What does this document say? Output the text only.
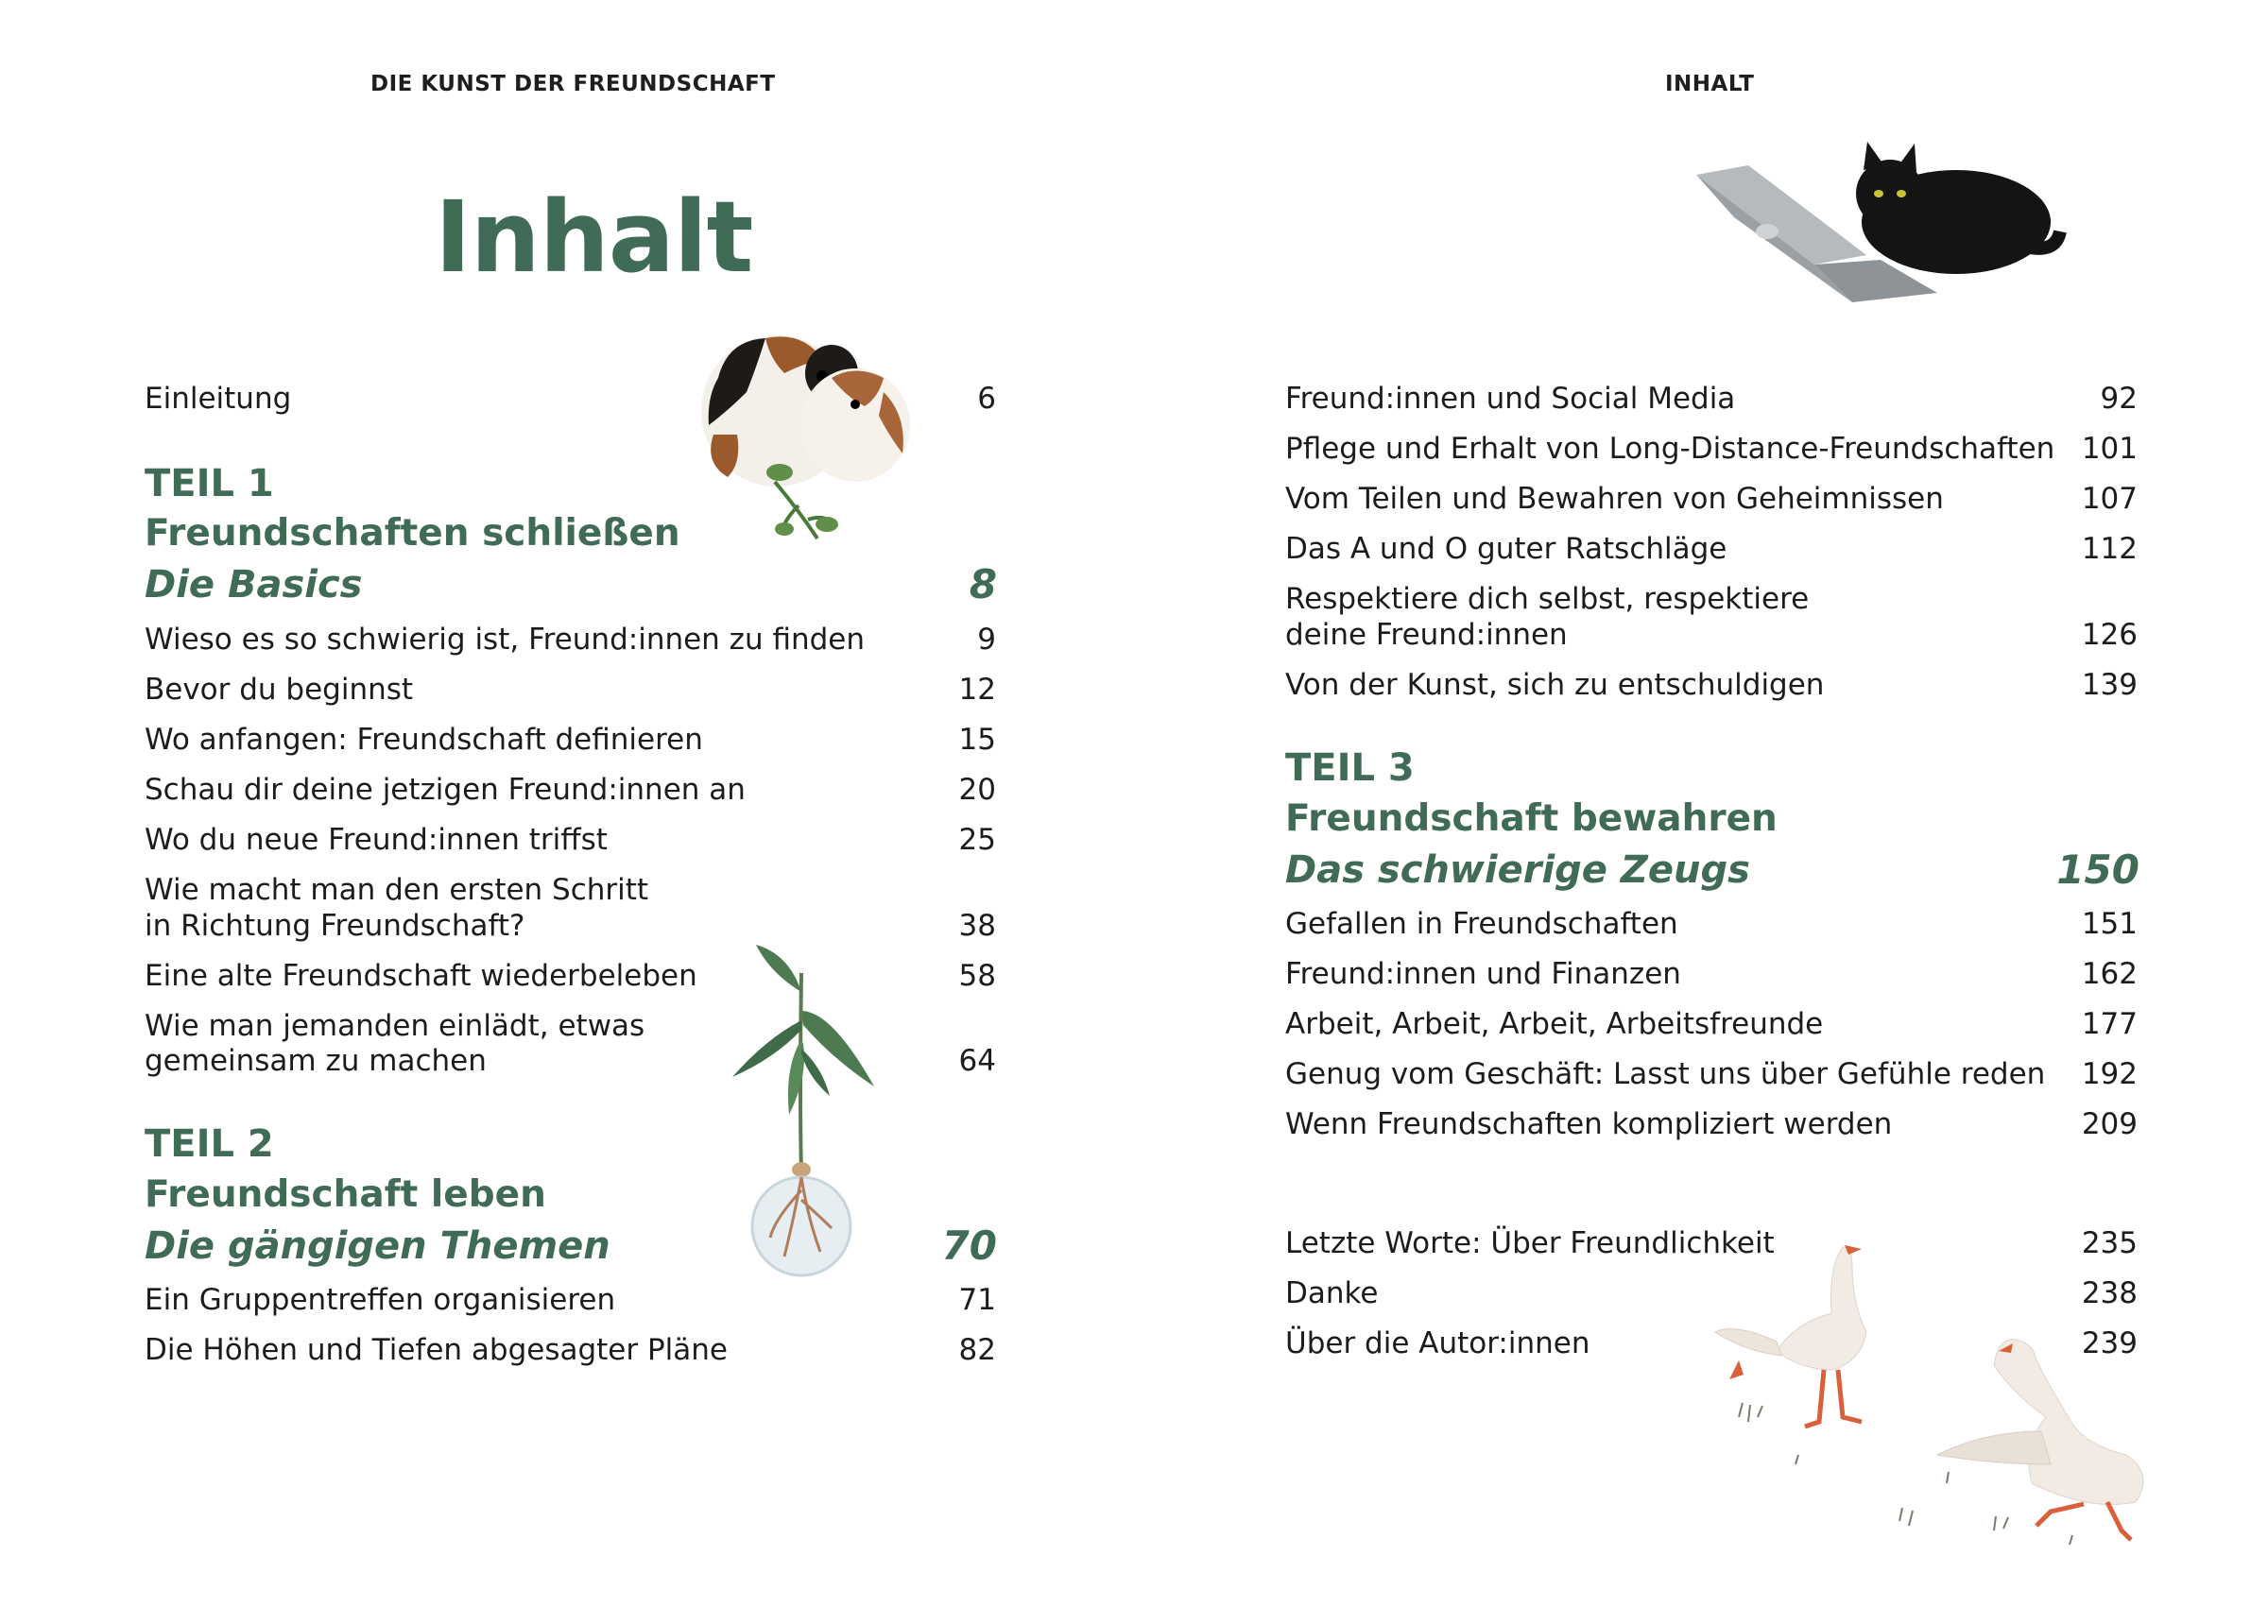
DIE KUNST DER FREUNDSCHAFT
Inhalt
Einleitung	6
TEIL 1
Freundschaften schließen
Die Basics	8
Wieso es so schwierig ist, Freund:innen zu finden	9
Bevor du beginnst	12
Wo anfangen: Freundschaft definieren	15
Schau dir deine jetzigen Freund:innen an	20
Wo du neue Freund:innen triffst	25
Wie macht man den ersten Schritt
in Richtung Freundschaft?	38
Eine alte Freundschaft wiederbeleben	58
Wie man jemanden einlädt, etwas
gemeinsam zu machen	64
TEIL 2
Freundschaft leben
Die gängigen Themen	70
Ein Gruppentreffen organisieren	71
Die Höhen und Tiefen abgesagter Pläne	82
INHALT
Freund:innen und Social Media	92
Pflege und Erhalt von Long-Distance-Freundschaften 101
Vom Teilen und Bewahren von Geheimnissen	107
Das A und O guter Ratschläge	112
Respektiere dich selbst, respektiere
deine Freund:innen	126
Von der Kunst, sich zu entschuldigen	139
TEIL 3
Freundschaft bewahren
Das schwierige Zeugs	150
Gefallen in Freundschaften	151
Freund:innen und Finanzen	162
Arbeit, Arbeit, Arbeit, Arbeitsfreunde	177
Genug vom Geschäft: Lasst uns über Gefühle reden	192
Wenn Freundschaften kompliziert werden	209
Letzte Worte: Über Freundlichkeit	235
Danke	238
Über die Autor:innen	239
